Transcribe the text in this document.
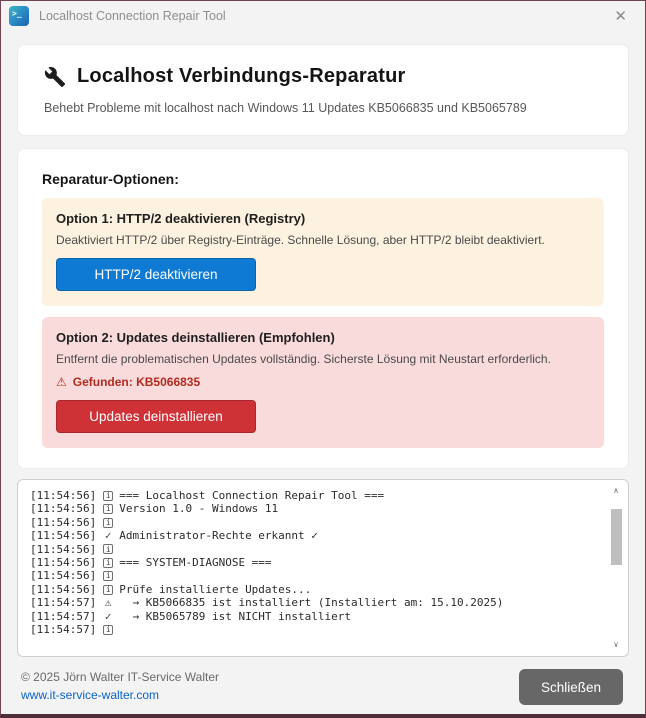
>_	Localhost Connection Repair Tool	✕
Localhost Verbindungs-Reparatur
Behebt Probleme mit localhost nach Windows 11 Updates KB5066835 und KB5065789
Reparatur-Optionen:
Option 1: HTTP/2 deaktivieren (Registry)
Deaktiviert HTTP/2 über Registry-Einträge. Schnelle Lösung, aber HTTP/2 bleibt deaktiviert.
HTTP/2 deaktivieren
Option 2: Updates deinstallieren (Empfohlen)
Entfernt die problematischen Updates vollständig. Sicherste Lösung mit Neustart erforderlich.
⚠ Gefunden: KB5066835
Updates deinstallieren
[11:54:56]	i === Localhost Connection Repair Tool ===
[11:54:56]	i Version 1.0 - Windows 11
[11:54:56]	i
[11:54:56] ✓ Administrator-Rechte erkannt ✓
[11:54:56]	i
[11:54:56]	i === SYSTEM-DIAGNOSE ===
[11:54:56]	i
[11:54:56]	i Prüfe installierte Updates...
[11:54:57] ⚠ → KB5066835 ist installiert (Installiert am: 15.10.2025)
[11:54:57] ✓ → KB5065789 ist NICHT installiert
[11:54:57]	i
∧
∨
© 2025 Jörn Walter IT-Service Walter
www.it-service-walter.com
Schließen
